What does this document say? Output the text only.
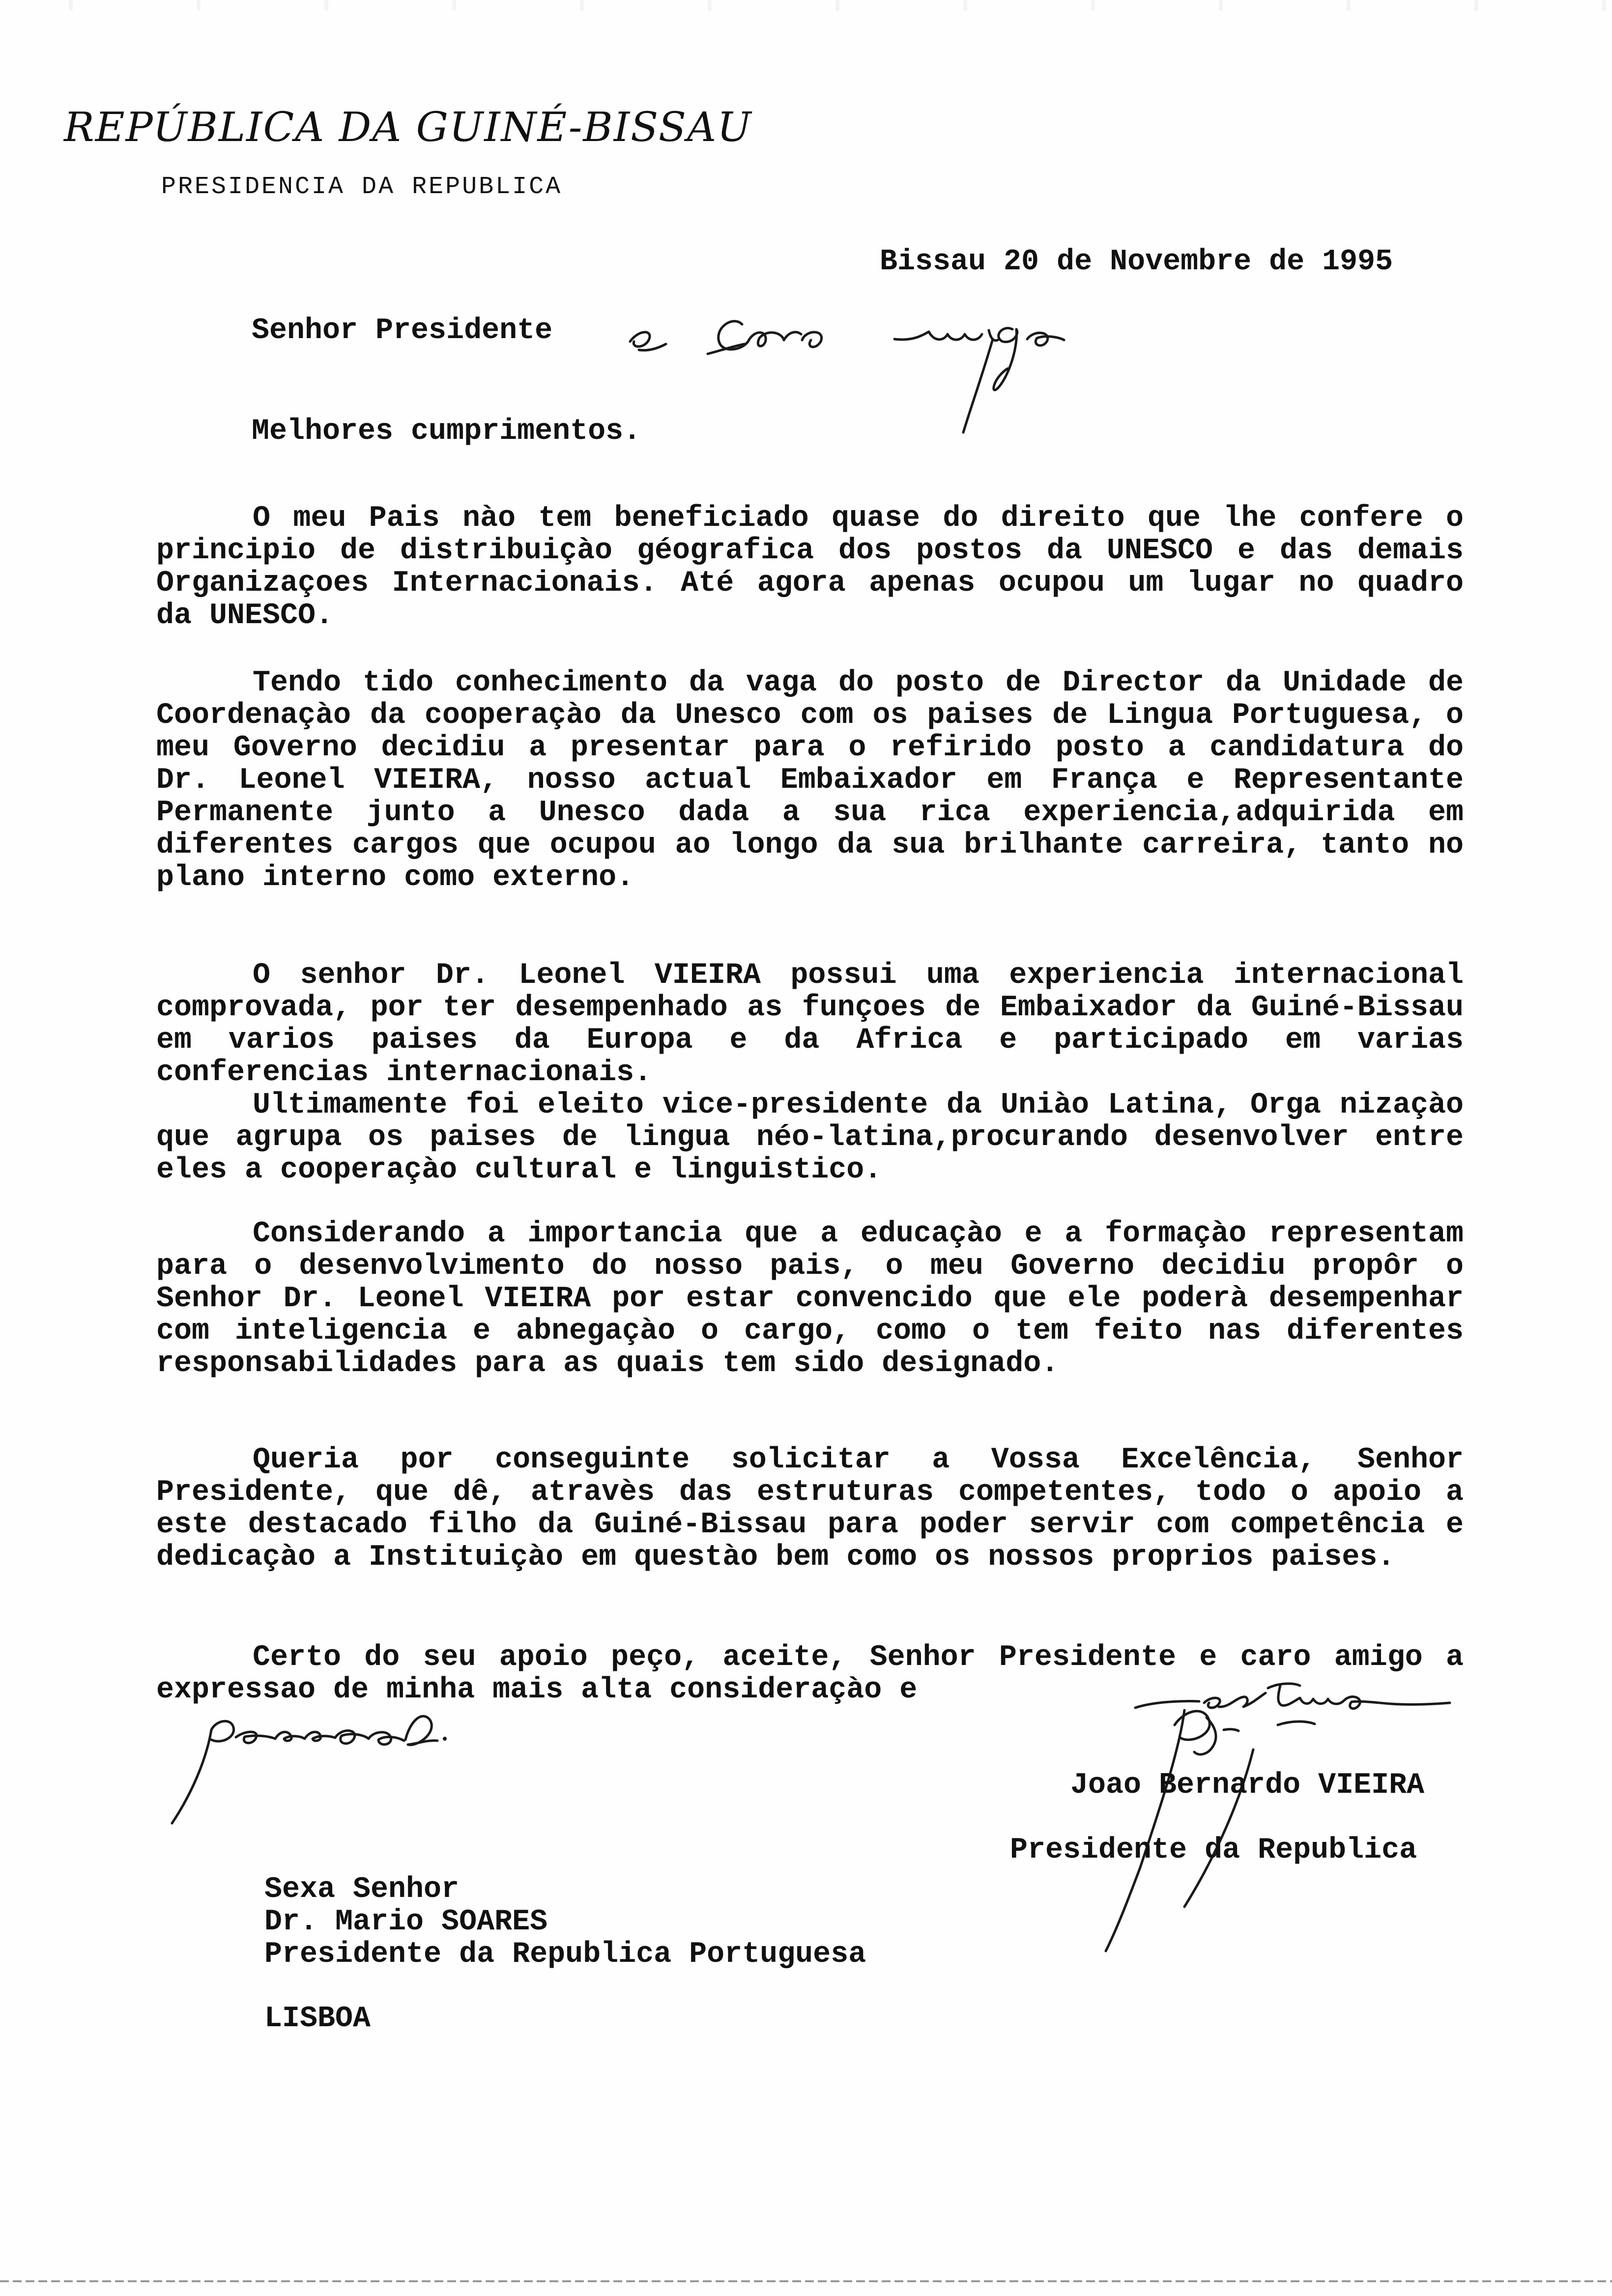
REPÚBLICA DA GUINÉ-BISSAU
PRESIDENCIA DA REPUBLICA
Bissau 20 de Novembre de 1995
Senhor Presidente
Melhores cumprimentos.
O meu Pais nào tem beneficiado quase do direito que lhe confere o principio de distribuiçào géografica dos postos da UNESCO e das demais Organizaçoes Internacionais. Até agora apenas ocupou um lugar no quadro da UNESCO.
Tendo tido conhecimento da vaga do posto de Director da Unidade de Coordenaçào da cooperaçào da Unesco com os paises de Lingua Portuguesa, o meu Governo decidiu a presentar para o refirido posto a candidatura do Dr. Leonel VIEIRA, nosso actual Embaixador em França e Representante Permanente junto a Unesco dada a sua rica experiencia,adquirida em diferentes cargos que ocupou ao longo da sua brilhante carreira, tanto no plano interno como externo.
O senhor Dr. Leonel VIEIRA possui uma experiencia internacional comprovada, por ter desempenhado as funçoes de Embaixador da Guiné-Bissau em varios paises da Europa e da Africa e participado em varias conferencias internacionais.
Ultimamente foi eleito vice-presidente da Uniào Latina, Orga nizaçào que agrupa os paises de lingua néo-latina,procurando desenvolver entre eles a cooperaçào cultural e linguistico.
Considerando a importancia que a educaçào e a formaçào representam para o desenvolvimento do nosso pais, o meu Governo decidiu propôr o Senhor Dr. Leonel VIEIRA por estar convencido que ele poderà desempenhar com inteligencia e abnegaçào o cargo, como o tem feito nas diferentes responsabilidades para as quais tem sido designado.
Queria por conseguinte solicitar a Vossa Excelência, Senhor Presidente, que dê, atravès das estruturas competentes, todo o apoio a este destacado filho da Guiné-Bissau para poder servir com competência e dedicaçào a Instituiçào em questào bem como os nossos proprios paises.
Certo do seu apoio peço, aceite, Senhor Presidente e caro amigo a expressao de minha mais alta consideraçào e
Joao Bernardo VIEIRA
Presidente da Republica
Sexa Senhor
Dr. Mario SOARES
Presidente da Republica Portuguesa
LISBOA
